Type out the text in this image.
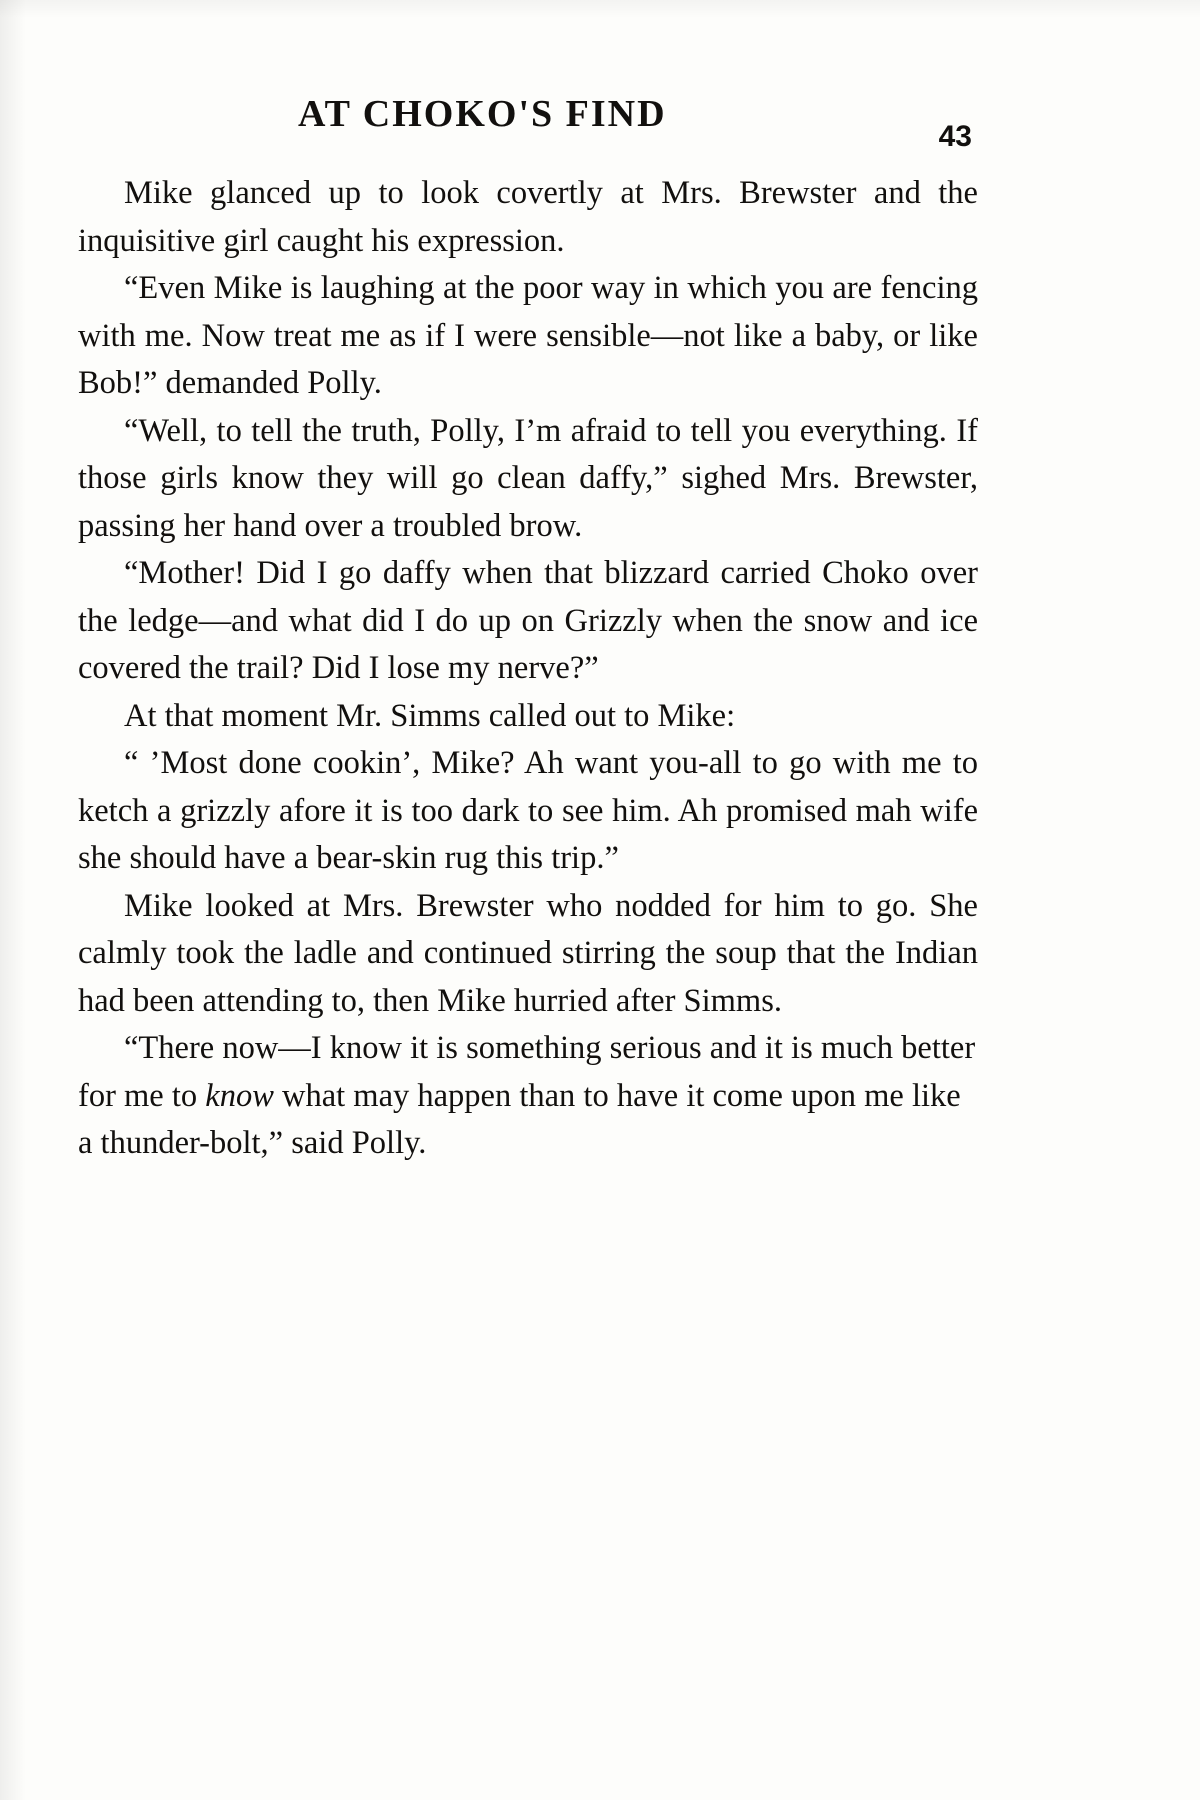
AT CHOKO'S FIND
43

Mike glanced up to look covertly at Mrs. Brewster and the inquisitive girl caught his expression.

“Even Mike is laughing at the poor way in which you are fencing with me. Now treat me as if I were sensible—not like a baby, or like Bob!” demanded Polly.

“Well, to tell the truth, Polly, I’m afraid to tell you everything. If those girls know they will go clean daffy,” sighed Mrs. Brewster, passing her hand over a troubled brow.

“Mother! Did I go daffy when that blizzard carried Choko over the ledge—and what did I do up on Grizzly when the snow and ice covered the trail? Did I lose my nerve?”

At that moment Mr. Simms called out to Mike:

“ ’Most done cookin’, Mike? Ah want you-all to go with me to ketch a grizzly afore it is too dark to see him. Ah promised mah wife she should have a bear-skin rug this trip.”

Mike looked at Mrs. Brewster who nodded for him to go. She calmly took the ladle and continued stirring the soup that the Indian had been attending to, then Mike hurried after Simms.

“There now—I know it is something serious and it is much better for me to know what may happen than to have it come upon me like a thunder-bolt,” said Polly.
